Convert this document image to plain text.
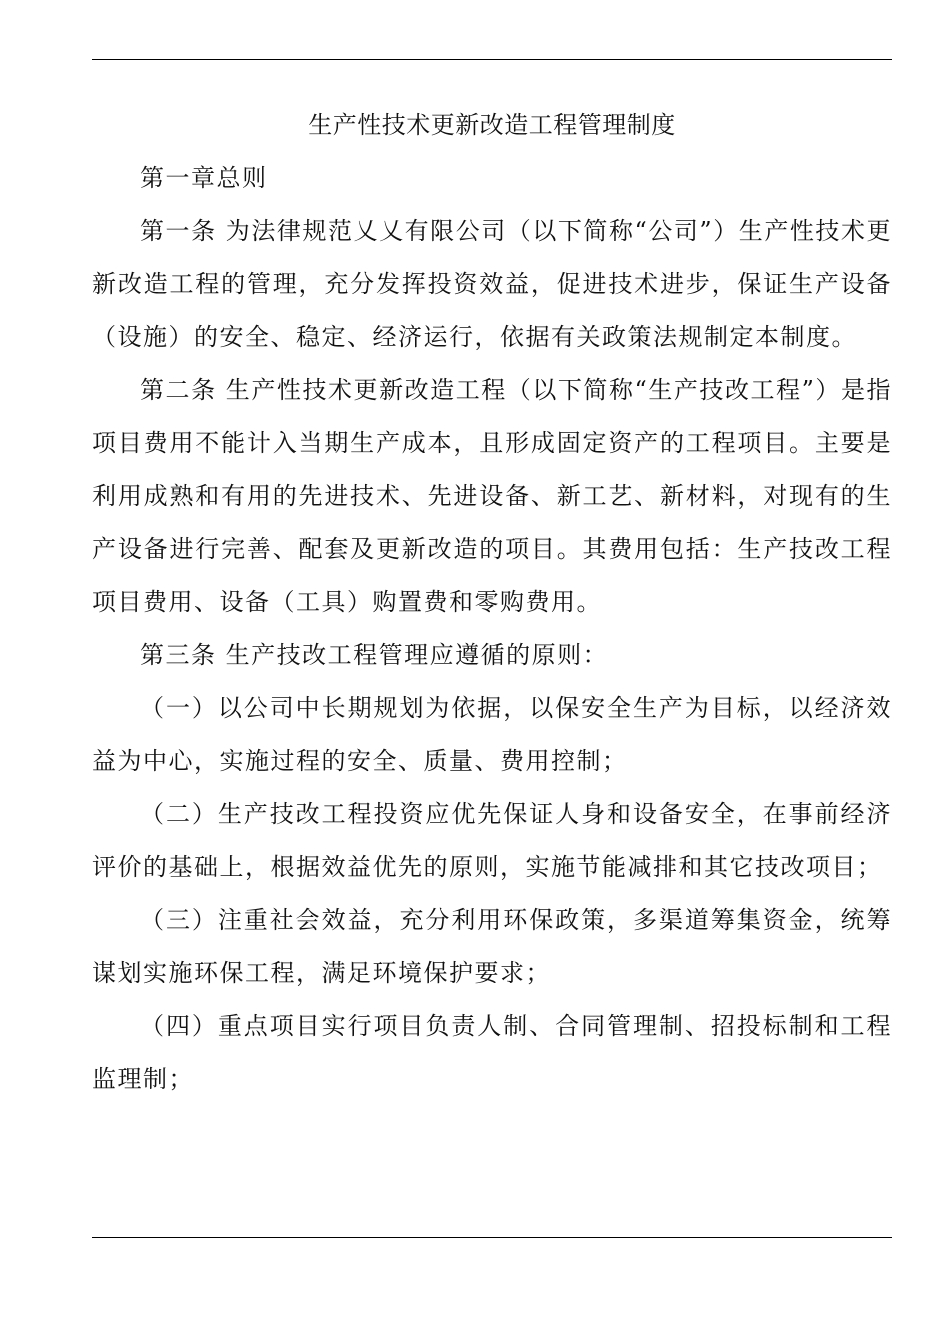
生产性技术更新改造工程管理制度

第一章总则

第一条 为法律规范乂乂有限公司（以下简称“公司”）生产性技术更新改造工程的管理，充分发挥投资效益，促进技术进步，保证生产设备（设施）的安全、稳定、经济运行，依据有关政策法规制定本制度。

第二条 生产性技术更新改造工程（以下简称“生产技改工程”）是指项目费用不能计入当期生产成本，且形成固定资产的工程项目。主要是利用成熟和有用的先进技术、先进设备、新工艺、新材料，对现有的生产设备进行完善、配套及更新改造的项目。其费用包括：生产技改工程项目费用、设备（工具）购置费和零购费用。

第三条 生产技改工程管理应遵循的原则：

（一）以公司中长期规划为依据，以保安全生产为目标，以经济效益为中心，实施过程的安全、质量、费用控制；

（二）生产技改工程投资应优先保证人身和设备安全，在事前经济评价的基础上，根据效益优先的原则，实施节能减排和其它技改项目；

（三）注重社会效益，充分利用环保政策，多渠道筹集资金，统筹谋划实施环保工程，满足环境保护要求；

（四）重点项目实行项目负责人制、合同管理制、招投标制和工程监理制；
